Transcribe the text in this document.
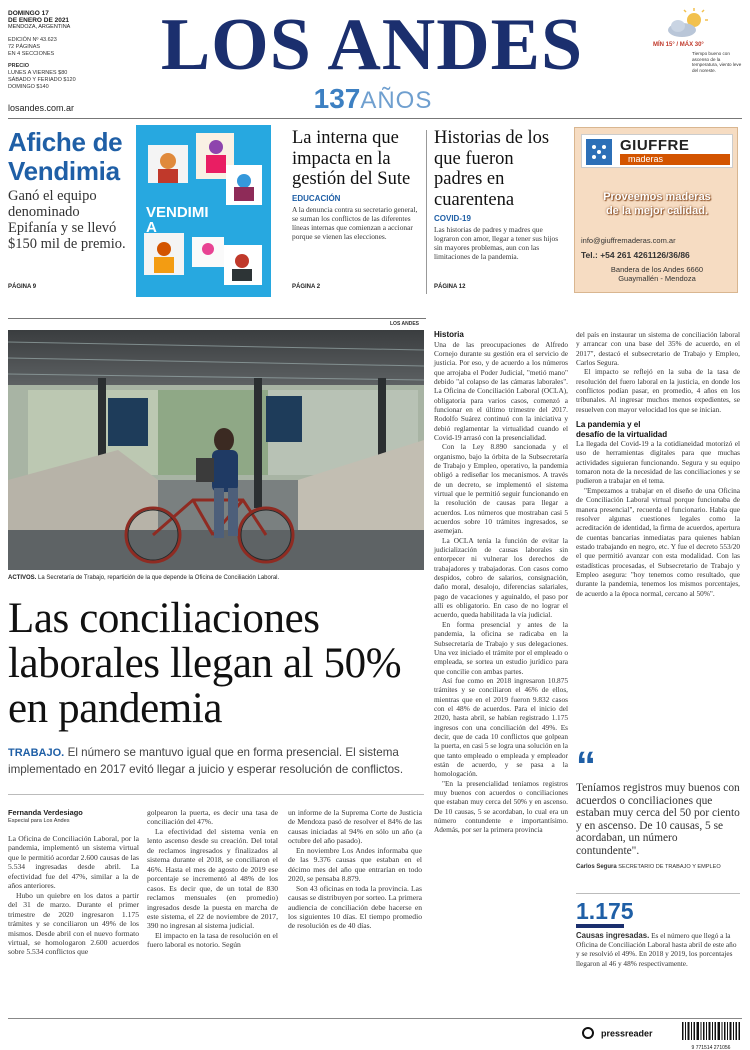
DOMINGO 17
DE ENERO DE 2021
MENDOZA, ARGENTINA
EDICIÓN Nº 43.623
72 PÁGINAS
EN 4 SECCIONES
PRECIO
LUNES A VIERNES $80
SÁBADO Y FERIADO $120
DOMINGO $140
losandes.com.ar
LOS ANDES
137AÑOS
MÍN 15° / MÁX 30°
Tiempo bueno con ascenso de la temperatura, viento leve del noreste.
Afiche de Vendimia
Ganó el equipo denominado Epifanía y se llevó $150 mil de premio.
PÁGINA 9
VENDIMIA
La interna que impacta en la gestión del Sute
EDUCACIÓN
A la denuncia contra su secretario general, se suman los conflictos de las diferentes líneas internas que comienzan a accionar porque se vienen las elecciones.
PÁGINA 2
Historias de los que fueron padres en cuarentena
COVID-19
Las historias de padres y madres que lograron con amor, llegar a tener sus hijos sin mayores problemas, aun con las limitaciones de la pandemia.
PÁGINA 12
GIUFFRE
maderas
Proveemos maderas
de la mejor calidad.
info@giuffremaderas.com.ar
Tel.: +54 261 4261126/36/86
Bandera de los Andes 6660
Guaymallén - Mendoza
LOS ANDES
ACTIVOS. La Secretaría de Trabajo, repartición de la que depende la Oficina de Conciliación Laboral.
Las conciliaciones laborales llegan al 50% en pandemia
TRABAJO. El número se mantuvo igual que en forma presencial. El sistema implementado en 2017 evitó llegar a juicio y esperar resolución de conflictos.
Fernanda Verdesiago
Especial para Los Andes

La Oficina de Conciliación Laboral, por la pandemia, implementó un sistema virtual que le permitió acordar 2.600 causas de las 5.534 ingresadas desde abril. La efectividad fue del 47%, similar a la de años anteriores.

Hubo un quiebre en los datos a partir del 31 de marzo. Durante el primer trimestre de 2020 ingresaron 1.175 trámites y se conciliaron un 49% de los mismos. Desde abril con el nuevo formato virtual, se homologaron 2.600 acuerdos sobre 5.534 conflictos que

golpearon la puerta, es decir una tasa de conciliación del 47%.

La efectividad del sistema venía en lento ascenso desde su creación. Del total de reclamos ingresados y finalizados al sistema durante el 2018, se conciliaron el 46%. Hasta el mes de agosto de 2019 ese porcentaje se incrementó al 48% de los casos. Es decir que, de un total de 830 reclamos mensuales (en promedio) ingresados desde la puesta en marcha de este sistema, el 22 de noviembre de 2017, 390 no ingresan al sistema judicial.

El impacto en la tasa de resolución en el fuero laboral es notorio. Según

un informe de la Suprema Corte de Justicia de Mendoza pasó de resolver el 84% de las causas iniciadas al 94% en sólo un año (a octubre del año pasado).

En noviembre Los Andes informaba que de las 9.376 causas que estaban en el décimo mes del año que entrarían en todo 2020, se pensaba 8.879.

Son 43 oficinas en toda la provincia. Las causas se distribuyen por sorteo. La primera audiencia de conciliación debe hacerse en los siguientes 10 días. El tiempo promedio de resolución es de 40 días.

Historia

Una de las preocupaciones de Alfredo Cornejo durante su gestión era el servicio de justicia. Por eso, y de acuerdo a los números que arrojaba el Poder Judicial, "metió mano" debido "al colapso de las cámaras laborales". La Oficina de Conciliación Laboral (OCLA), obligatoria para varios casos, comenzó a funcionar en el último trimestre del 2017. Rodolfo Suárez continuó con la iniciativa y debió reglamentar la virtualidad cuando el Covid-19 arrasó con la presencialidad.

Con la Ley 8.890 sancionada y el organismo, bajo la órbita de la Subsecretaría de Trabajo y Empleo, operativo, la pandemia obligó a rediseñar los mecanismos. A través de un decreto, se implementó el sistema virtual que le permitió seguir funcionando en la resolución de causas para llegar a acuerdos. Los números que mostraban casi 5 acuerdos sobre 10 trámites ingresados, se asemejan.

La OCLA tenía la función de evitar la judicialización de causas laborales sin entorpecer ni vulnerar los derechos de trabajadores y trabajadoras. Con casos como despidos, cobro de salarios, consignación, daño moral, desalojo, diferencias salariales, pago de vacaciones y aguinaldo, el paso por allí es obligatorio. En caso de no lograr el acuerdo, queda habilitada la vía judicial.

En forma presencial y antes de la pandemia, la oficina se radicaba en la Subsecretaría de Trabajo y sus delegaciones. Una vez iniciado el trámite por el empleado o empleada, se sortea un estudio jurídico para que concilie con ambas partes.

Así fue como en 2018 ingresaron 10.875 trámites y se conciliaron el 46% de ellos, mientras que en el 2019 fueron 9.832 casos con el 48% de acuerdos. Para el inicio del 2020, hasta abril, se habían registrado 1.175 ingresos con una conciliación del 49%. Es decir, que de cada 10 conflictos que golpean la puerta, en casi 5 se logra una solución en la que tanto empleado o empleada y empleador están de acuerdo, y se pasa a la homologación.

"En la presencialidad teníamos registros muy buenos con acuerdos o conciliaciones que estaban muy cerca del 50% y en ascenso. De 10 causas, 5 se acordaban, lo cual era un número contundente e importantísimo. Además, por ser la primera provincia

del país en instaurar un sistema de conciliación laboral y arrancar con una base del 35% de acuerdo, en el 2017", destacó el subsecretario de Trabajo y Empleo, Carlos Segura.

El impacto se reflejó en la suba de la tasa de resolución del fuero laboral en la justicia, en donde los conflictos podían pasar, en promedio, 4 años en los tribunales. Al ingresar muchos menos expedientes, se resuelven con mayor velocidad los que se inician.

La pandemia y el
desafío de la virtualidad

La llegada del Covid-19 a la cotidianeidad motorizó el uso de herramientas digitales para que muchas actividades siguieran funcionando. Segura y su equipo tomaron nota de la necesidad de las conciliaciones y se pudieron a trabajar en el tema.

"Empezamos a trabajar en el diseño de una Oficina de Conciliación Laboral virtual porque funcionaba de manera presencial", recuerda el funcionario. Había que resolver algunas cuestiones legales como la acreditación de identidad, la firma de acuerdos, apertura de cuentas bancarias inmediatas para quienes habían estado trabajando en negro, etc. Y fue el decreto 553/20 el que permitió avanzar con esta modalidad. Con las estadísticas procesadas, el Subsecretario de Trabajo y Empleo asegura: "hoy tenemos como resultado, que durante la pandemia, tenemos los mismos porcentajes, de acuerdo a la época normal, cercano al 50%".

“
Teníamos registros muy buenos con acuerdos o conciliaciones que estaban muy cerca del 50 por ciento y en ascenso. De 10 causas, 5 se acordaban, un número contundente".
Carlos Segura SECRETARIO DE TRABAJO Y EMPLEO
1.175
Causas ingresadas. Es el número que llegó a la Oficina de Conciliación Laboral hasta abril de este año y se resolvió el 49%. En 2018 y 2019, los porcentajes llegaron al 46 y 48% respectivamente.
pressreader
9 771514 271056
